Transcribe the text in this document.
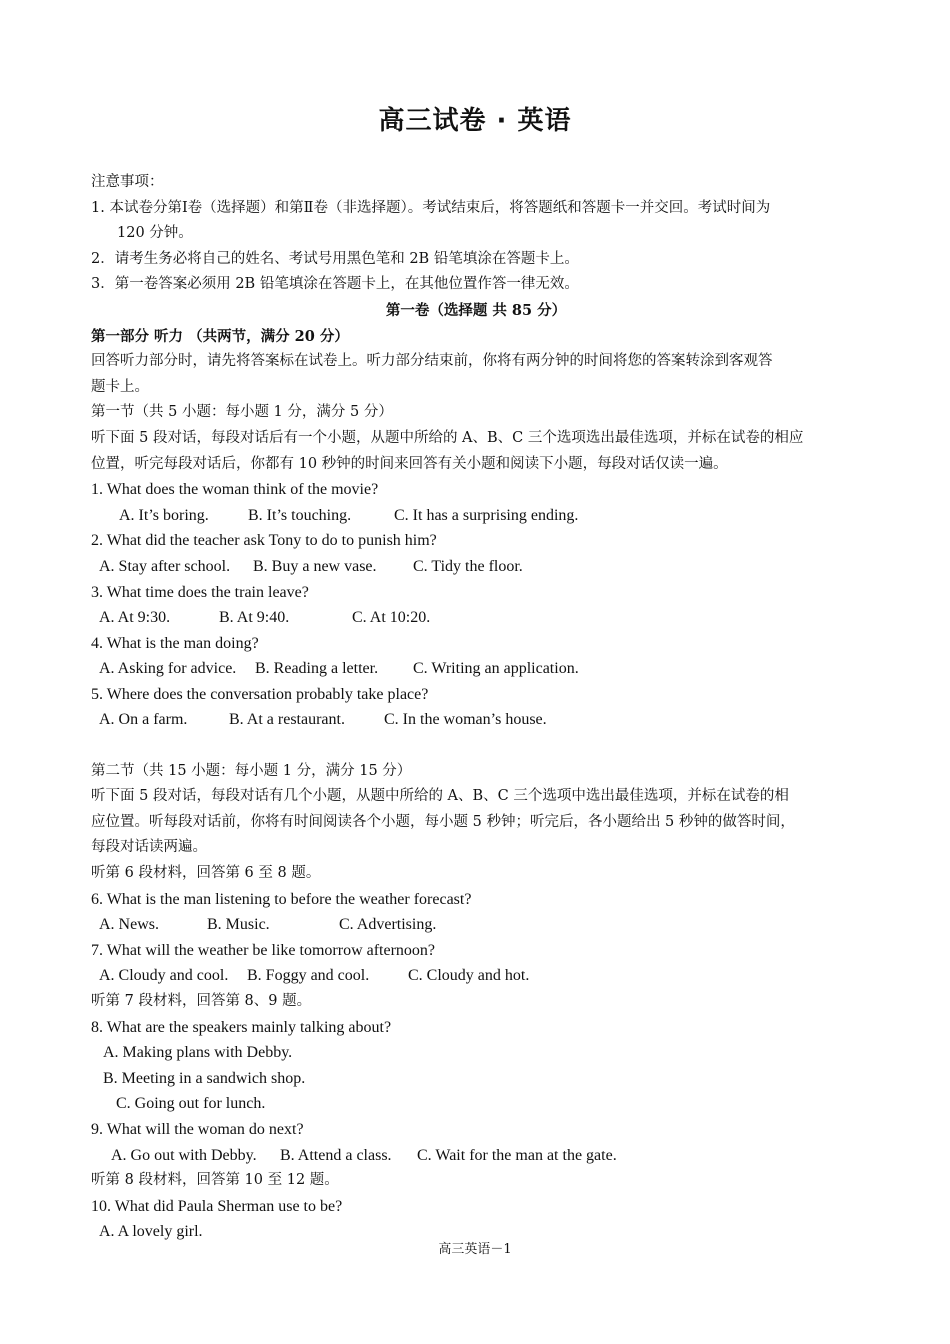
高三试卷 · 英语
注意事项：
1. 本试卷分第Ⅰ卷（选择题）和第Ⅱ卷（非选择题）。考试结束后，将答题纸和答题卡一并交回。考试时间为
120 分钟。
2．请考生务必将自己的姓名、考试号用黑色笔和 2B 铅笔填涂在答题卡上。
3．第一卷答案必须用 2B 铅笔填涂在答题卡上，在其他位置作答一律无效。
第一卷（选择题 共 85 分）
第一部分 听力 （共两节，满分 20 分）
回答听力部分时，请先将答案标在试卷上。听力部分结束前，你将有两分钟的时间将您的答案转涂到客观答
题卡上。
第一节（共 5 小题：每小题 1 分，满分 5 分）
听下面 5 段对话，每段对话后有一个小题，从题中所给的 A、B、C 三个选项选出最佳选项，并标在试卷的相应
位置，听完每段对话后，你都有 10 秒钟的时间来回答有关小题和阅读下小题，每段对话仅读一遍。
1. What does the woman think of the movie?
A. It’s boring. B. It’s touching.	C. It has a surprising ending.
2. What did the teacher ask Tony to do to punish him?
A. Stay after school. B. Buy a new vase. C. Tidy the floor.
3. What time does the train leave?
A. At 9:30.	B. At 9:40.	C. At 10:20.
4. What is the man doing?
A. Asking for advice. B. Reading a letter. C. Writing an application.
5. Where does the conversation probably take place?
A. On a farm.	B. At a restaurant. C. In the woman’s house.
第二节（共 15 小题：每小题 1 分，满分 15 分）
听下面 5 段对话，每段对话有几个小题，从题中所给的 A、B、C 三个选项中选出最佳选项，并标在试卷的相
应位置。听每段对话前，你将有时间阅读各个小题，每小题 5 秒钟；听完后，各小题给出 5 秒钟的做答时间，
每段对话读两遍。
听第 6 段材料，回答第 6 至 8 题。
6. What is the man listening to before the weather forecast?
A. News.	B. Music.	C. Advertising.
7. What will the weather be like tomorrow afternoon?
A. Cloudy and cool. B. Foggy and cool. C. Cloudy and hot.
听第 7 段材料，回答第 8、9 题。
8. What are the speakers mainly talking about?
A. Making plans with Debby.
B. Meeting in a sandwich shop.
C. Going out for lunch.
9. What will the woman do next?
A. Go out with Debby. B. Attend a class. C. Wait for the man at the gate.
听第 8 段材料，回答第 10 至 12 题。
10. What did Paula Sherman use to be?
A. A lovely girl.
高三英语－1
